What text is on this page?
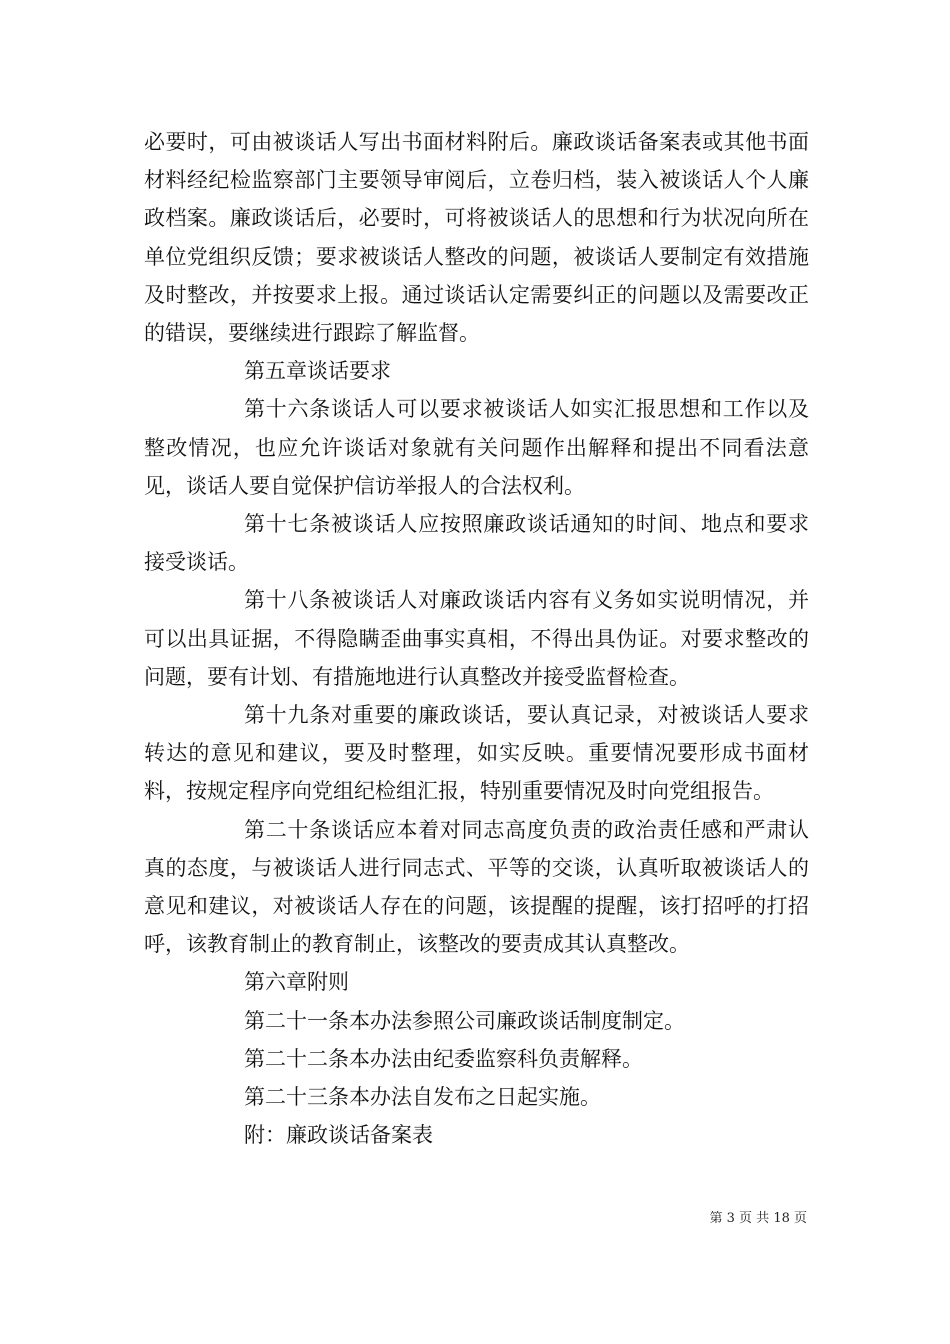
必要时，可由被谈话人写出书面材料附后。廉政谈话备案表或其他书面材料经纪检监察部门主要领导审阅后，立卷归档，装入被谈话人个人廉政档案。廉政谈话后，必要时，可将被谈话人的思想和行为状况向所在单位党组织反馈；要求被谈话人整改的问题，被谈话人要制定有效措施及时整改，并按要求上报。通过谈话认定需要纠正的问题以及需要改正的错误，要继续进行跟踪了解监督。

第五章谈话要求

第十六条谈话人可以要求被谈话人如实汇报思想和工作以及整改情况，也应允许谈话对象就有关问题作出解释和提出不同看法意见，谈话人要自觉保护信访举报人的合法权利。

第十七条被谈话人应按照廉政谈话通知的时间、地点和要求接受谈话。

第十八条被谈话人对廉政谈话内容有义务如实说明情况，并可以出具证据，不得隐瞒歪曲事实真相，不得出具伪证。对要求整改的问题，要有计划、有措施地进行认真整改并接受监督检查。

第十九条对重要的廉政谈话，要认真记录，对被谈话人要求转达的意见和建议，要及时整理，如实反映。重要情况要形成书面材料，按规定程序向党组纪检组汇报，特别重要情况及时向党组报告。

第二十条谈话应本着对同志高度负责的政治责任感和严肃认真的态度，与被谈话人进行同志式、平等的交谈，认真听取被谈话人的意见和建议，对被谈话人存在的问题，该提醒的提醒，该打招呼的打招呼，该教育制止的教育制止，该整改的要责成其认真整改。

第六章附则

第二十一条本办法参照公司廉政谈话制度制定。

第二十二条本办法由纪委监察科负责解释。

第二十三条本办法自发布之日起实施。

附：廉政谈话备案表

第 3 页 共 18 页
